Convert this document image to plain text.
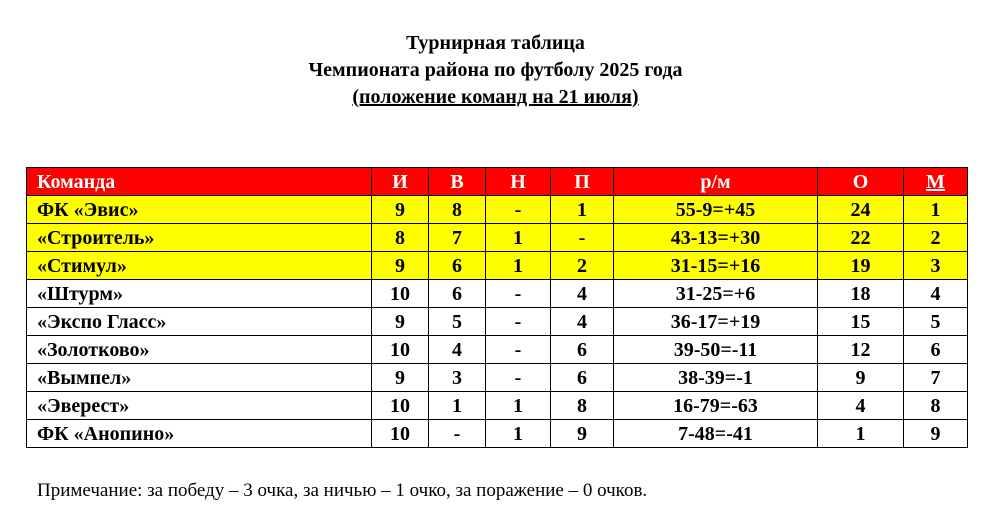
Турнирная таблица
Чемпионата района по футболу 2025 года
(положение команд на 21 июля)
Команда	И	В	Н	П	р/м	О	М
ФК «Эвис»	9	8	-	1	55-9=+45	24	1
«Строитель»	8	7	1	-	43-13=+30	22	2
«Стимул»	9	6	1	2	31-15=+16	19	3
«Штурм»	10	6	-	4	31-25=+6	18	4
«Экспо Гласс»	9	5	-	4	36-17=+19	15	5
«Золотково»	10	4	-	6	39-50=-11	12	6
«Вымпел»	9	3	-	6	38-39=-1	9	7
«Эверест»	10	1	1	8	16-79=-63	4	8
ФК «Анопино»	10	-	1	9	7-48=-41	1	9
Примечание: за победу – 3 очка, за ничью – 1 очко, за поражение – 0 очков.
